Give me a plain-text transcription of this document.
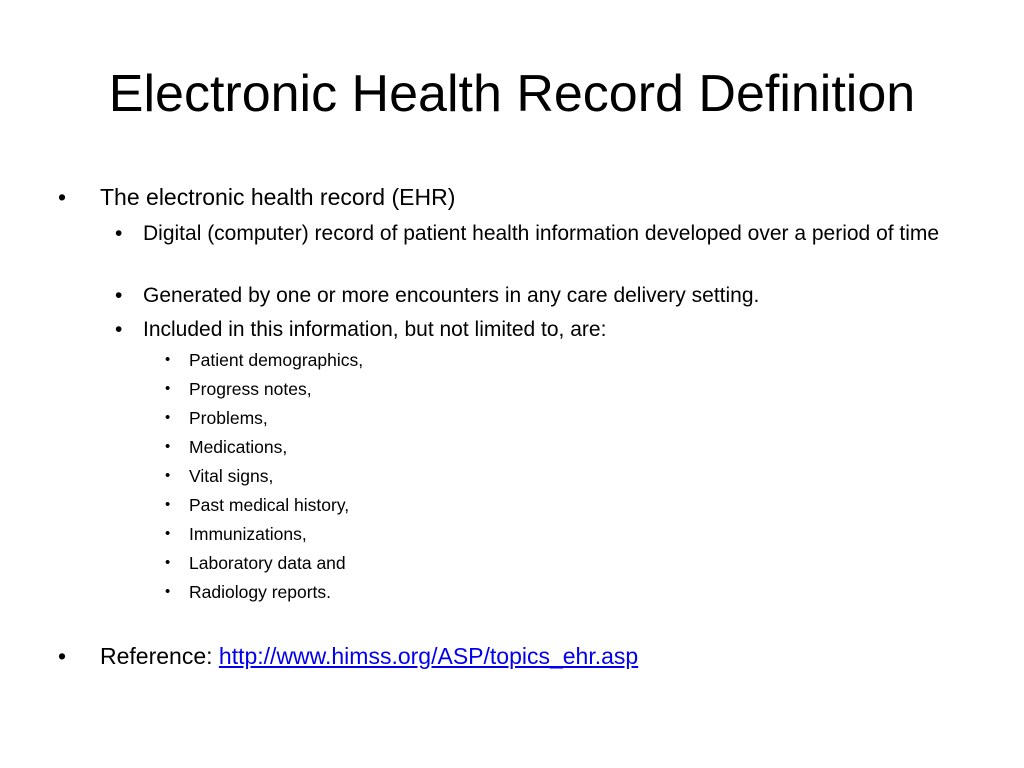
Electronic Health Record Definition
•	The electronic health record (EHR)
• Digital (computer) record of patient health information developed over a period of time
• Generated by one or more encounters in any care delivery setting.
• Included in this information, but not limited to, are:
•	Patient demographics,
•	Progress notes,
•	Problems,
•	Medications,
•	Vital signs,
•	Past medical history,
•	Immunizations,
•	Laboratory data and
•	Radiology reports.
•	Reference: http://www.himss.org/ASP/topics_ehr.asp
